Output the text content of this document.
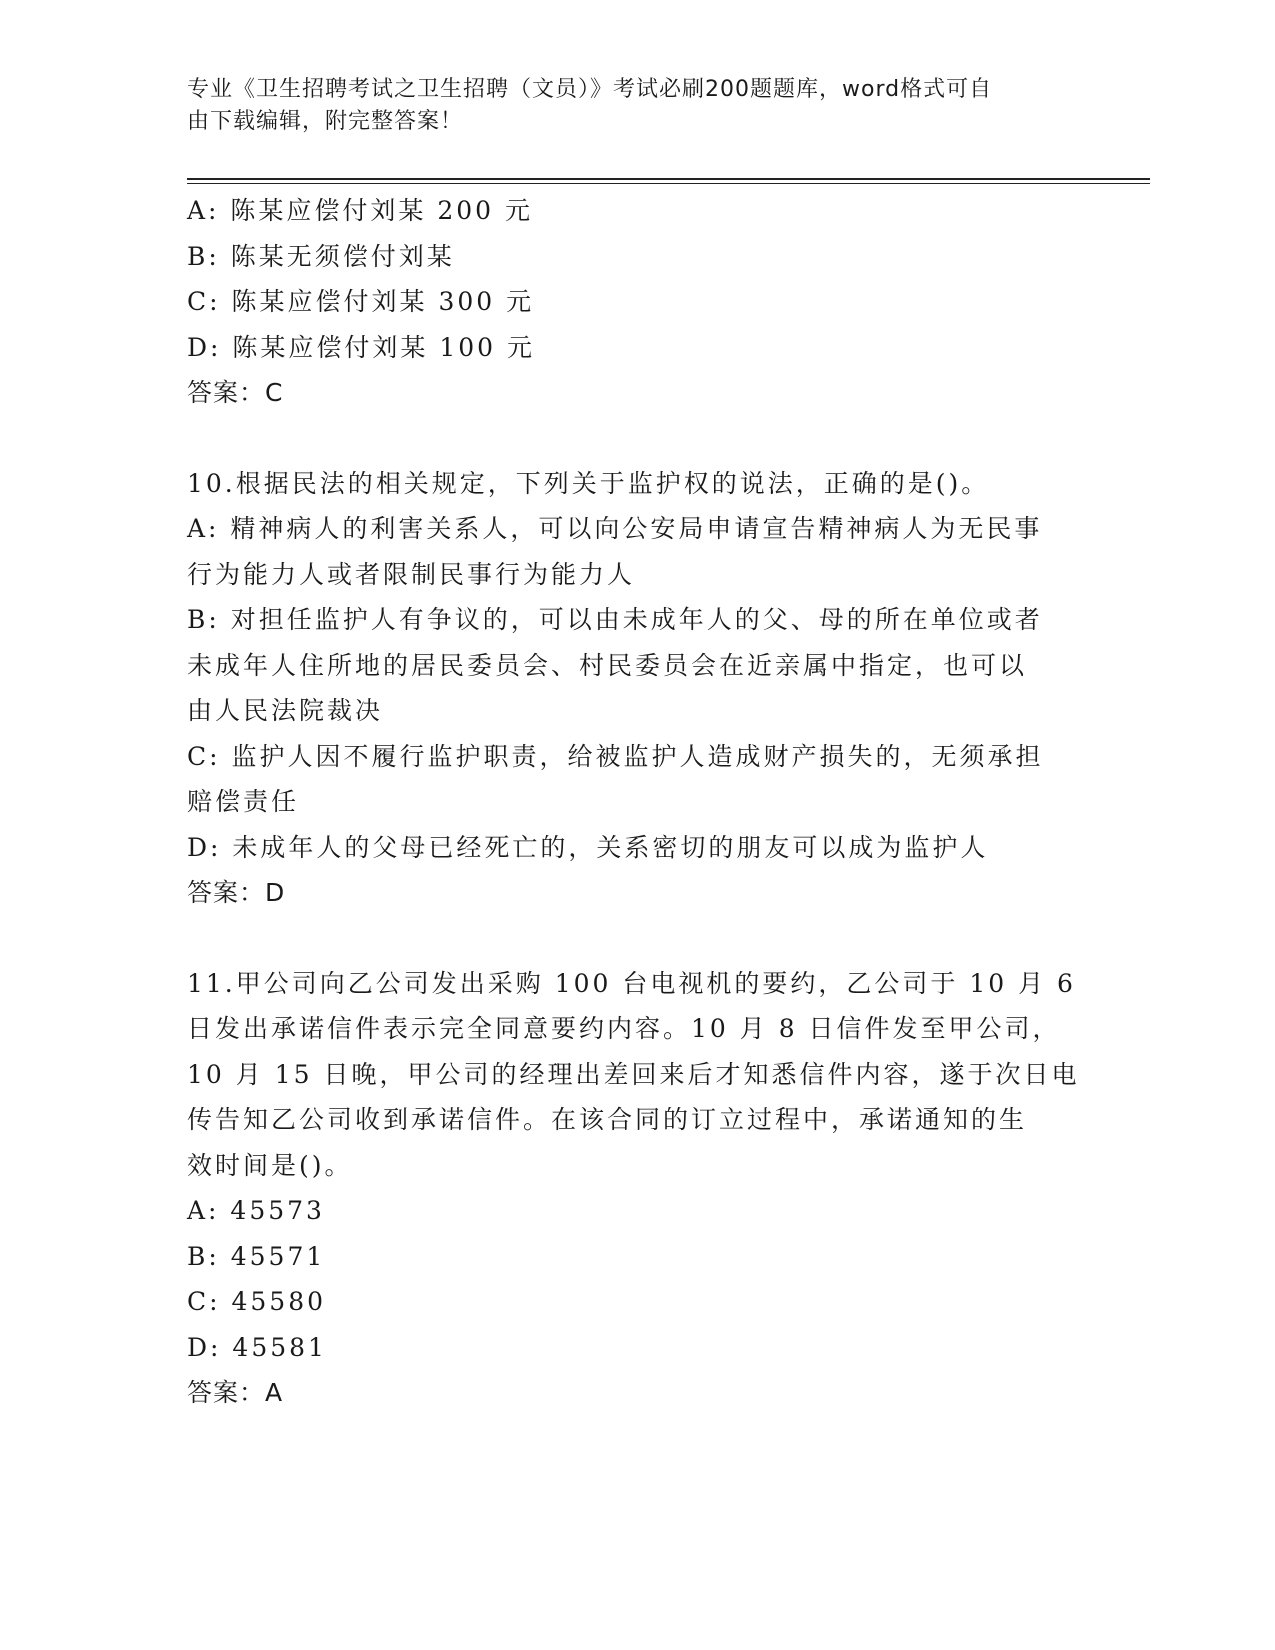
专业《卫生招聘考试之卫生招聘（文员）》考试必刷200题题库，word格式可自
由下载编辑，附完整答案！
A: 陈某应偿付刘某 200 元
B: 陈某无须偿付刘某
C: 陈某应偿付刘某 300 元
D: 陈某应偿付刘某 100 元
答案：C
10.根据民法的相关规定，下列关于监护权的说法，正确的是()。
A: 精神病人的利害关系人，可以向公安局申请宣告精神病人为无民事
行为能力人或者限制民事行为能力人
B: 对担任监护人有争议的，可以由未成年人的父、母的所在单位或者
未成年人住所地的居民委员会、村民委员会在近亲属中指定，也可以
由人民法院裁决
C: 监护人因不履行监护职责，给被监护人造成财产损失的，无须承担
赔偿责任
D: 未成年人的父母已经死亡的，关系密切的朋友可以成为监护人
答案：D
11.甲公司向乙公司发出采购 100 台电视机的要约，乙公司于 10 月 6
日发出承诺信件表示完全同意要约内容。10 月 8 日信件发至甲公司，
10 月 15 日晚，甲公司的经理出差回来后才知悉信件内容，遂于次日电
传告知乙公司收到承诺信件。在该合同的订立过程中，承诺通知的生
效时间是()。
A: 45573
B: 45571
C: 45580
D: 45581
答案：A
